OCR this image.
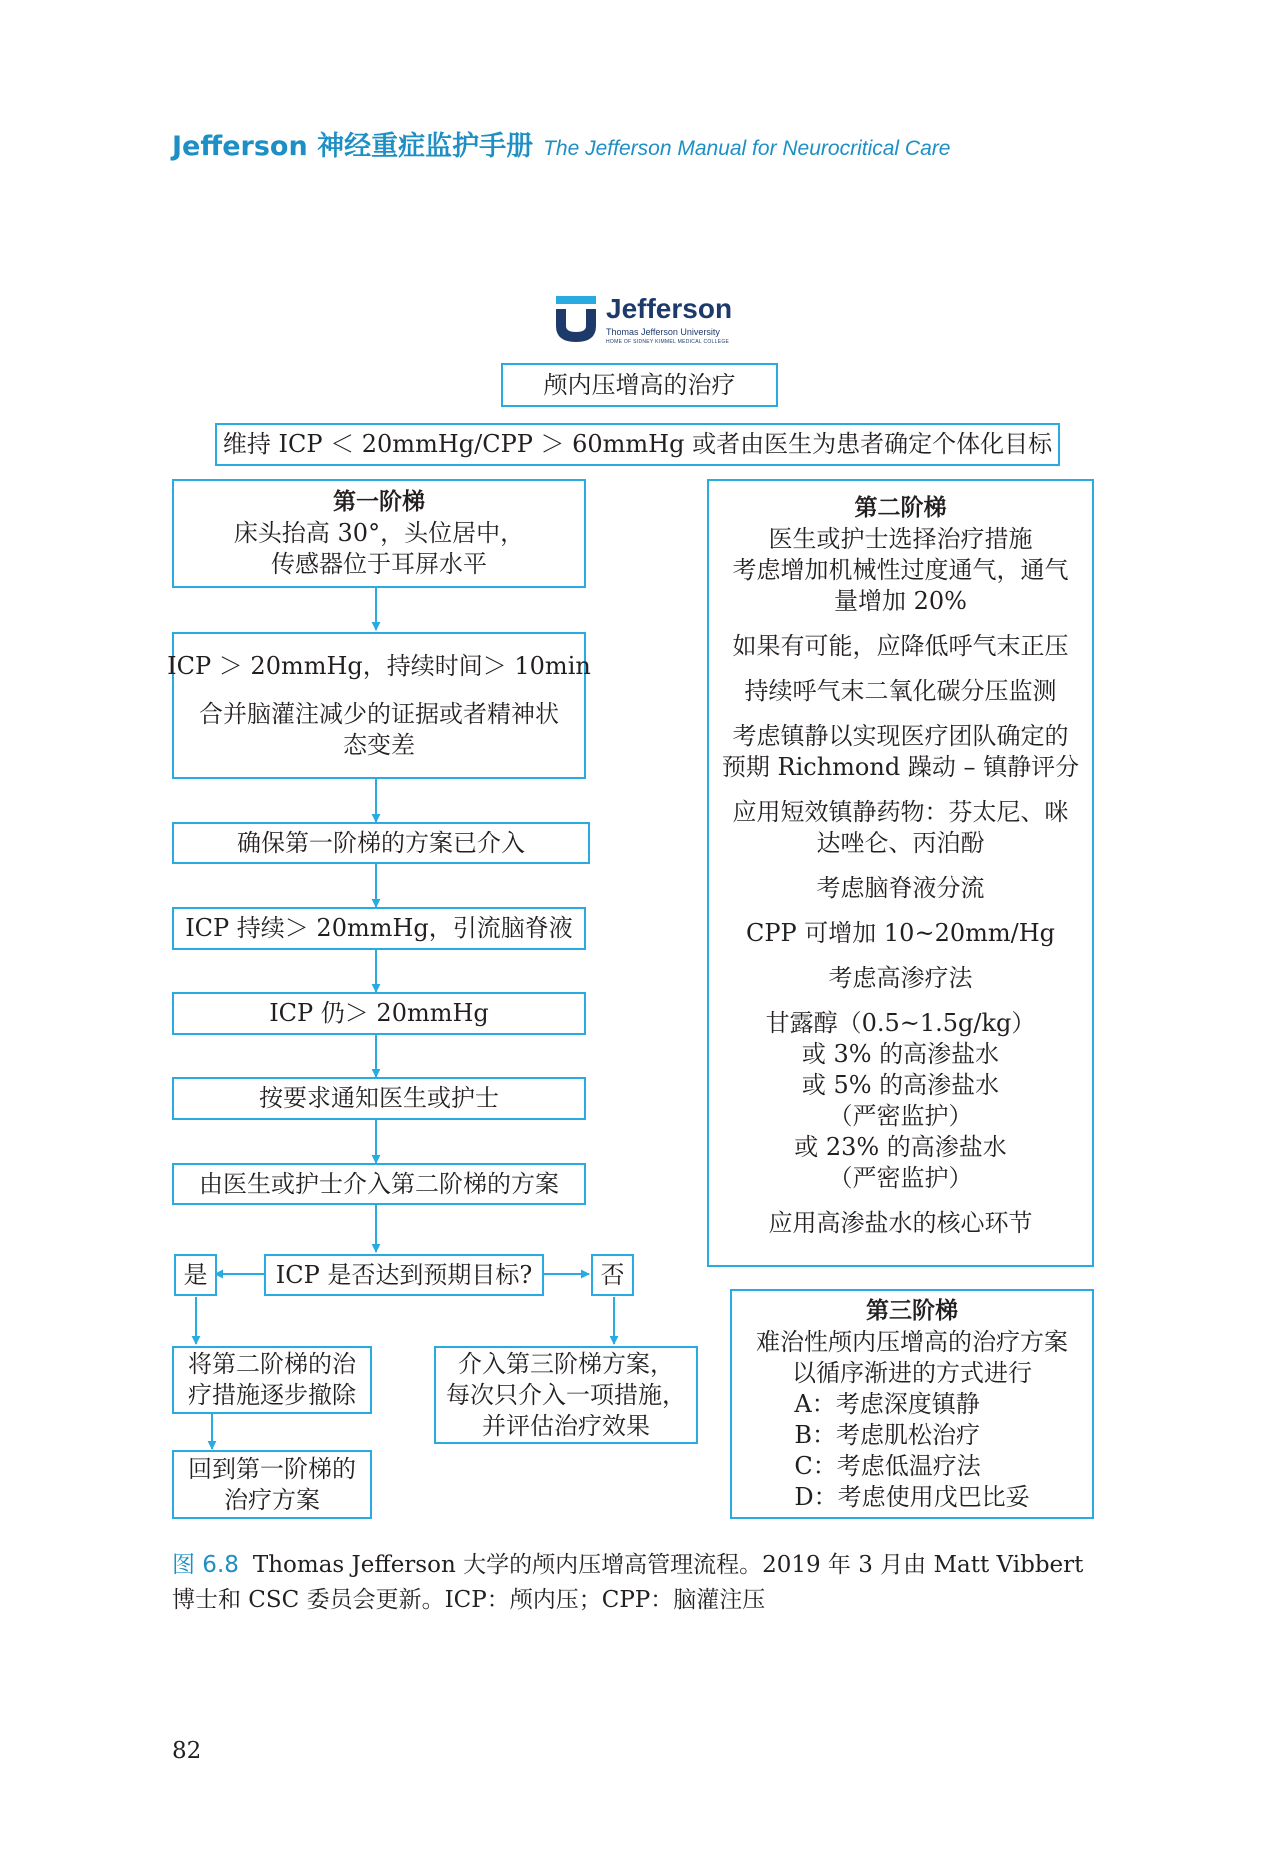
Jefferson 神经重症监护手册 The Jefferson Manual for Neurocritical Care
Jefferson
Thomas Jefferson University
HOME OF SIDNEY KIMMEL MEDICAL COLLEGE
颅内压增高的治疗
维持 ICP ＜ 20mmHg/CPP ＞ 60mmHg 或者由医生为患者确定个体化目标
第一阶梯
床头抬高 30°，头位居中，
传感器位于耳屏水平
ICP ＞ 20mmHg，持续时间＞ 10min
合并脑灌注减少的证据或者精神状
态变差
确保第一阶梯的方案已介入
ICP 持续＞ 20mmHg，引流脑脊液
ICP 仍＞ 20mmHg
按要求通知医生或护士
由医生或护士介入第二阶梯的方案
是	ICP 是否达到预期目标?	否
将第二阶梯的治
疗措施逐步撤除
回到第一阶梯的
治疗方案
介入第三阶梯方案，
每次只介入一项措施，
并评估治疗效果
第二阶梯
医生或护士选择治疗措施
考虑增加机械性过度通气，通气
量增加 20%
如果有可能，应降低呼气末正压
持续呼气末二氧化碳分压监测
考虑镇静以实现医疗团队确定的
预期 Richmond 躁动 – 镇静评分
应用短效镇静药物：芬太尼、咪
达唑仑、丙泊酚
考虑脑脊液分流
CPP 可增加 10~20mm/Hg
考虑高渗疗法
甘露醇（0.5~1.5g/kg）
或 3% 的高渗盐水
或 5% 的高渗盐水
（严密监护）
或 23% 的高渗盐水
（严密监护）
应用高渗盐水的核心环节
第三阶梯
难治性颅内压增高的治疗方案
以循序渐进的方式进行
A：考虑深度镇静
B：考虑肌松治疗
C：考虑低温疗法
D：考虑使用戊巴比妥
图 6.8 Thomas Jefferson 大学的颅内压增高管理流程。2019 年 3 月由 Matt Vibbert 博士和 CSC 委员会更新。ICP：颅内压；CPP：脑灌注压
82
